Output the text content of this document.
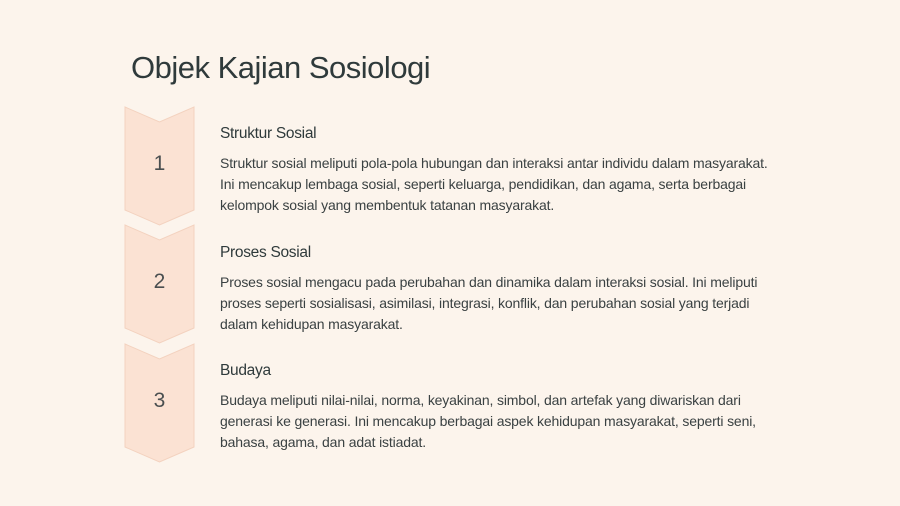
Objek Kajian Sosiologi
1
Struktur Sosial

Struktur sosial meliputi pola-pola hubungan dan interaksi antar individu dalam masyarakat. Ini mencakup lembaga sosial, seperti keluarga, pendidikan, dan agama, serta berbagai kelompok sosial yang membentuk tatanan masyarakat.

2
Proses Sosial

Proses sosial mengacu pada perubahan dan dinamika dalam interaksi sosial. Ini meliputi proses seperti sosialisasi, asimilasi, integrasi, konflik, dan perubahan sosial yang terjadi dalam kehidupan masyarakat.

3
Budaya

Budaya meliputi nilai-nilai, norma, keyakinan, simbol, dan artefak yang diwariskan dari generasi ke generasi. Ini mencakup berbagai aspek kehidupan masyarakat, seperti seni, bahasa, agama, dan adat istiadat.
